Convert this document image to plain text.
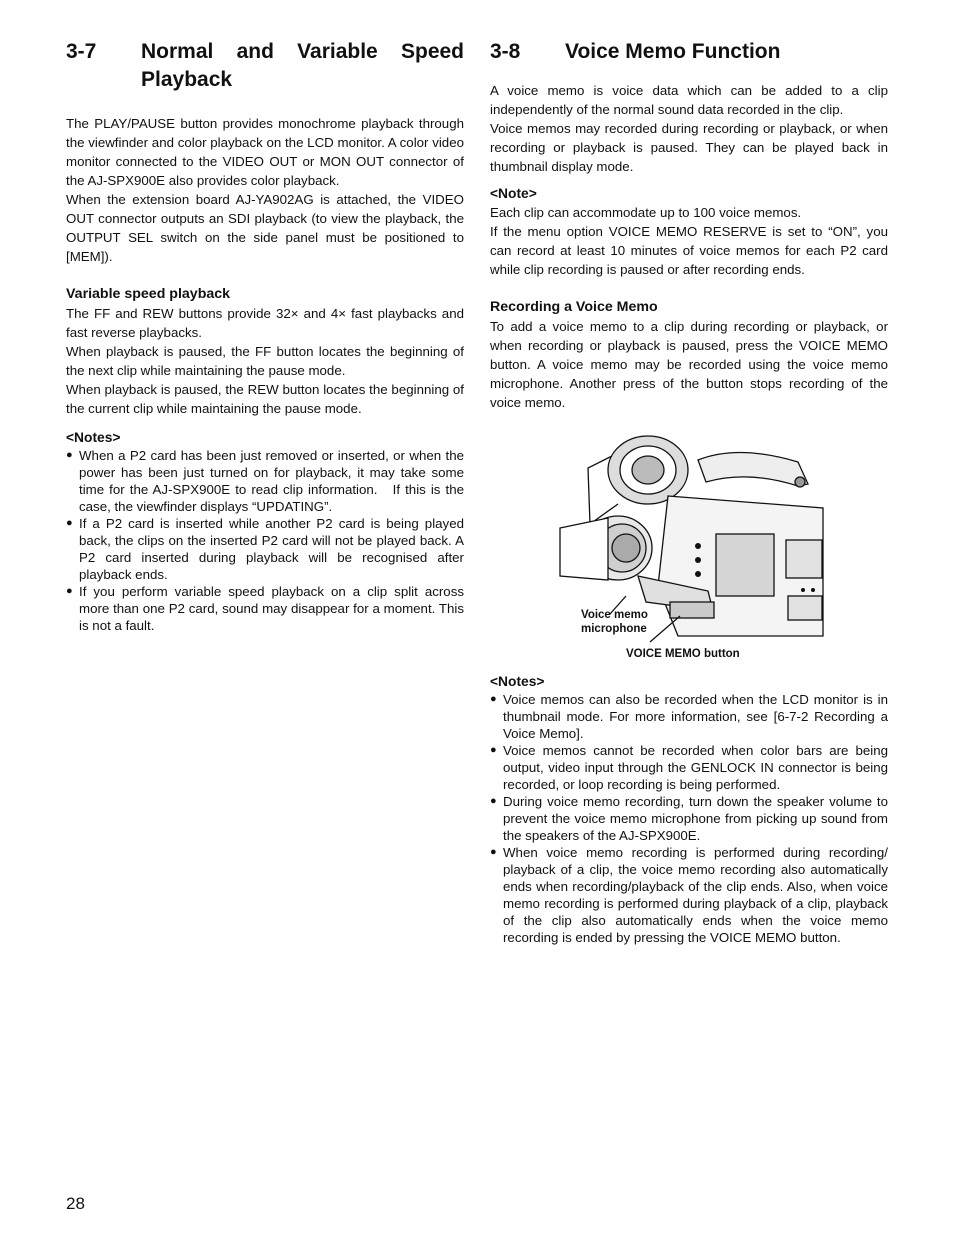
3-7	Normal and Variable Speed Playback

The PLAY/PAUSE button provides monochrome playback through the viewfinder and color playback on the LCD monitor. A color video monitor connected to the VIDEO OUT or MON OUT connector of the AJ-SPX900E also provides color playback.

When the extension board AJ-YA902AG is attached, the VIDEO OUT connector outputs an SDI playback (to view the playback, the OUTPUT SEL switch on the side panel must be positioned to [MEM]).

Variable speed playback

The FF and REW buttons provide 32× and 4× fast playbacks and fast reverse playbacks.

When playback is paused, the FF button locates the beginning of the next clip while maintaining the pause mode.

When playback is paused, the REW button locates the beginning of the current clip while maintaining the pause mode.

<Notes>
● When a P2 card has been just removed or inserted, or when the power has been just turned on for playback, it may take some time for the AJ-SPX900E to read clip information.   If this is the case, the viewfinder displays “UPDATING”.
● If a P2 card is inserted while another P2 card is being played back, the clips on the inserted P2 card will not be played back. A P2 card inserted during playback will be recognised after playback ends.
● If you perform variable speed playback on a clip split across more than one P2 card, sound may disappear for a moment. This is not a fault.
3-8	Voice Memo Function

A voice memo is voice data which can be added to a clip independently of the normal sound data recorded in the clip.

Voice memos may recorded during recording or playback, or when recording or playback is paused. They can be played back in thumbnail display mode.

<Note>

Each clip can accommodate up to 100 voice memos.

If the menu option VOICE MEMO RESERVE is set to “ON”, you can record at least 10 minutes of voice memos for each P2 card while clip recording is paused or after recording ends.

Recording a Voice Memo

To add a voice memo to a clip during recording or playback, or when recording or playback is paused, press the VOICE MEMO button. A voice memo may be recorded using the voice memo microphone. Another press of the button stops recording of the voice memo.

Voice memo
microphone
VOICE MEMO button
<Notes>
● Voice memos can also be recorded when the LCD monitor is in thumbnail mode. For more information, see [6-7-2 Recording a Voice Memo].
● Voice memos cannot be recorded when color bars are being output, video input through the GENLOCK IN connector is being recorded, or loop recording is being performed.
● During voice memo recording, turn down the speaker volume to prevent the voice memo microphone from picking up sound from the speakers of the AJ-SPX900E.
● When voice memo recording is performed during recording/ playback of a clip, the voice memo recording also automatically ends when recording/playback of the clip ends. Also, when voice memo recording is performed during playback of a clip, playback of the clip also automatically ends when the voice memo recording is ended by pressing the VOICE MEMO button.
28
